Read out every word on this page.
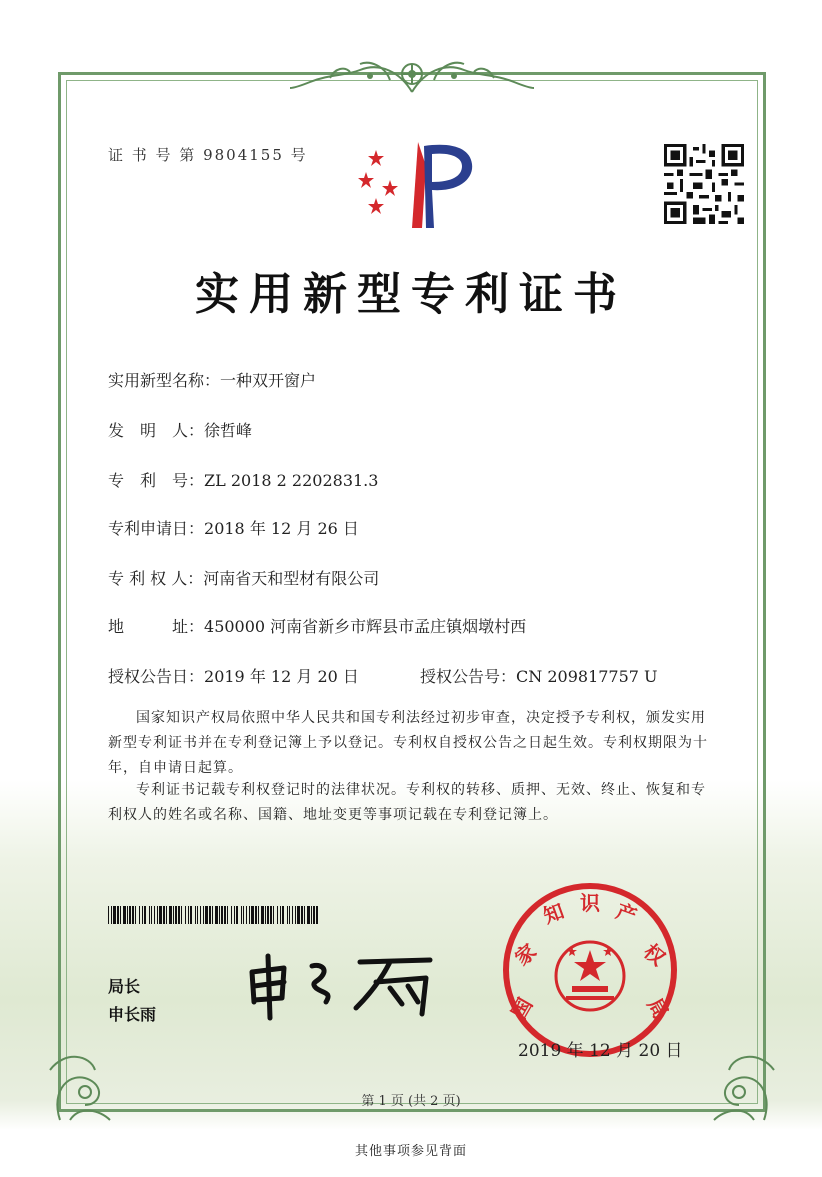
证 书 号 第 9804155 号
实用新型专利证书
实用新型名称：一种双开窗户
发　明　人：徐哲峰
专　利　号：ZL 2018 2 2202831.3
专利申请日：2018 年 12 月 26 日
专 利 权 人：河南省天和型材有限公司
地　　　址：450000 河南省新乡市辉县市孟庄镇烟墩村西
授权公告日：2019 年 12 月 20 日	授权公告号：CN 209817757 U
国家知识产权局依照中华人民共和国专利法经过初步审查，决定授予专利权，颁发实用新型专利证书并在专利登记簿上予以登记。专利权自授权公告之日起生效。专利权期限为十年，自申请日起算。
专利证书记载专利权登记时的法律状况。专利权的转移、质押、无效、终止、恢复和专利权人的姓名或名称、国籍、地址变更等事项记载在专利登记簿上。
局长
申长雨	国
家
知 识 产
权
局
2019 年 12 月 20 日
第 1 页 (共 2 页)
其他事项参见背面
